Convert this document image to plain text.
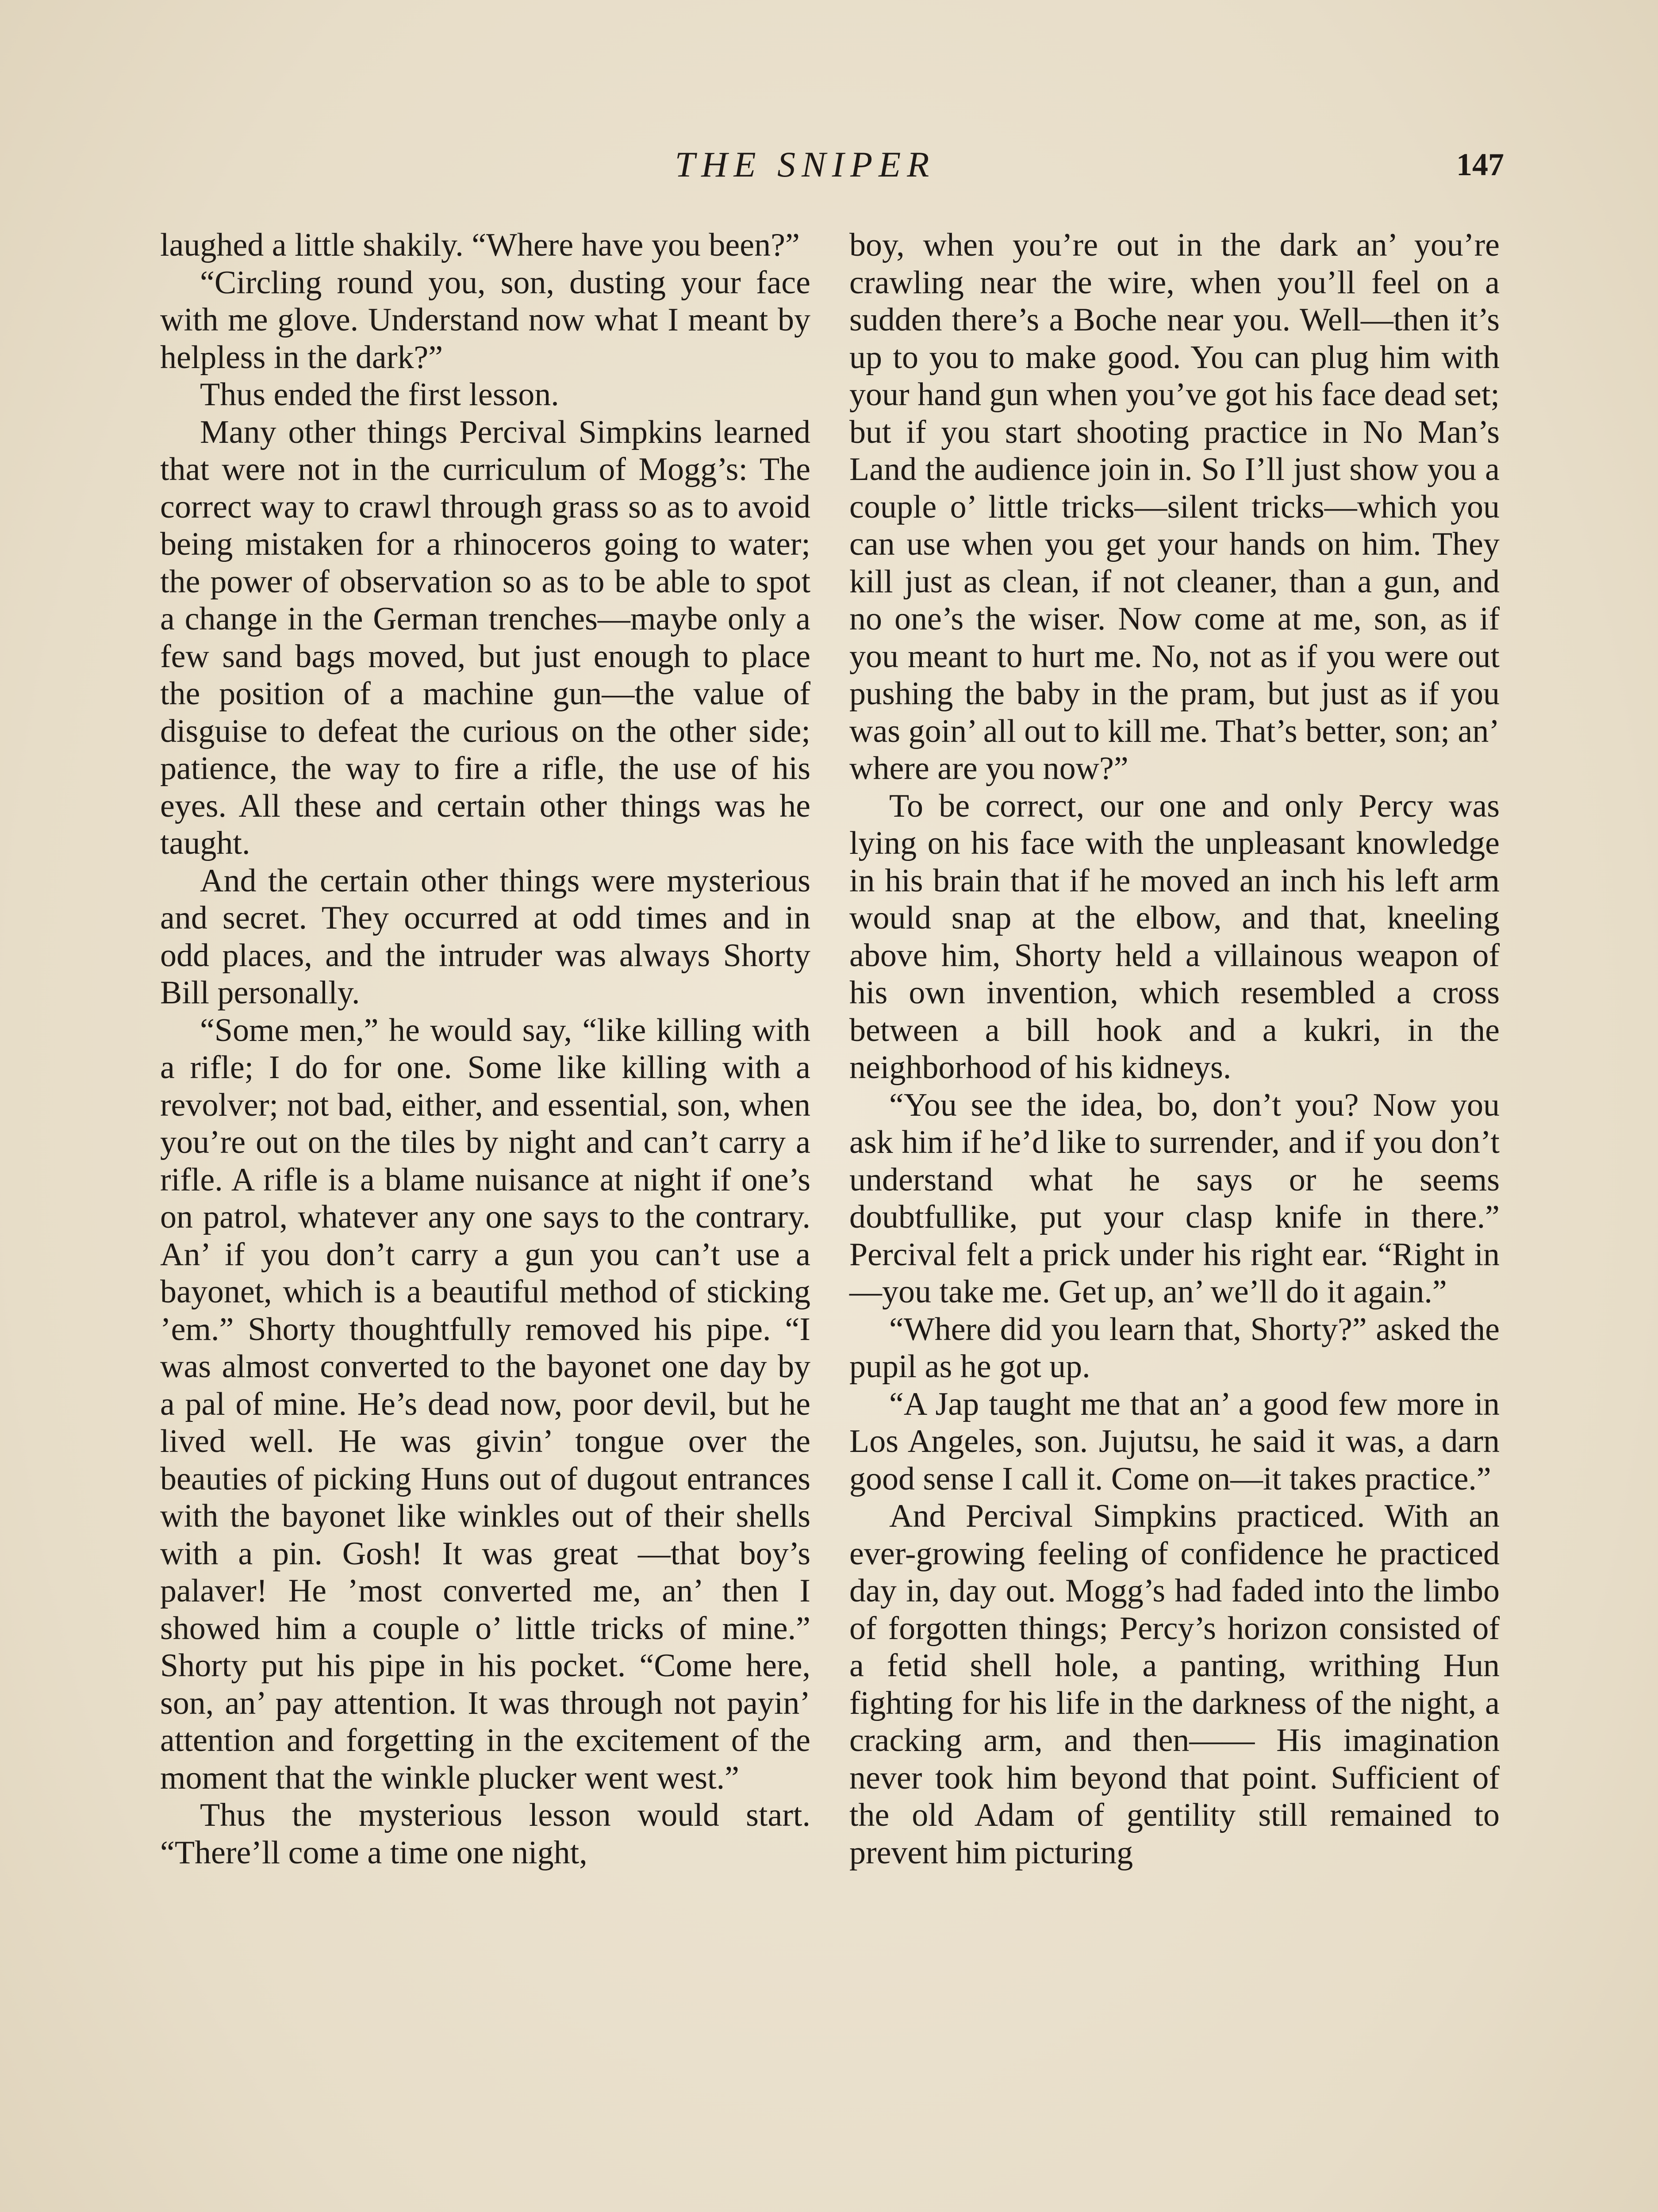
THE SNIPER	147

laughed a little shakily. “Where have you been?”

“Circling round you, son, dusting your face with me glove. Understand now what I meant by helpless in the dark?”

Thus ended the first lesson.

Many other things Percival Simpkins learned that were not in the curriculum of Mogg’s: The correct way to crawl through grass so as to avoid being mistaken for a rhinoceros going to water; the power of observation so as to be able to spot a change in the German trenches—maybe only a few sand bags moved, but just enough to place the position of a machine gun—the value of disguise to defeat the curious on the other side; patience, the way to fire a rifle, the use of his eyes. All these and certain other things was he taught.

And the certain other things were mysterious and secret. They occurred at odd times and in odd places, and the intruder was always Shorty Bill personally.

“Some men,” he would say, “like killing with a rifle; I do for one. Some like killing with a revolver; not bad, either, and essential, son, when you’re out on the tiles by night and can’t carry a rifle. A rifle is a blame nuisance at night if one’s on patrol, whatever any one says to the contrary. An’ if you don’t carry a gun you can’t use a bayonet, which is a beautiful method of sticking ’em.” Shorty thoughtfully removed his pipe. “I was almost converted to the bayonet one day by a pal of mine. He’s dead now, poor devil, but he lived well. He was givin’ tongue over the beauties of picking Huns out of dugout entrances with the bayonet like winkles out of their shells with a pin. Gosh! It was great —that boy’s palaver! He ’most converted me, an’ then I showed him a couple o’ little tricks of mine.” Shorty put his pipe in his pocket. “Come here, son, an’ pay attention. It was through not payin’ attention and forgetting in the excitement of the moment that the winkle plucker went west.”

Thus the mysterious lesson would start. “There’ll come a time one night,

boy, when you’re out in the dark an’ you’re crawling near the wire, when you’ll feel on a sudden there’s a Boche near you. Well—then it’s up to you to make good. You can plug him with your hand gun when you’ve got his face dead set; but if you start shooting practice in No Man’s Land the audience join in. So I’ll just show you a couple o’ little tricks—silent tricks—which you can use when you get your hands on him. They kill just as clean, if not cleaner, than a gun, and no one’s the wiser. Now come at me, son, as if you meant to hurt me. No, not as if you were out pushing the baby in the pram, but just as if you was goin’ all out to kill me. That’s better, son; an’ where are you now?”

To be correct, our one and only Percy was lying on his face with the unpleasant knowledge in his brain that if he moved an inch his left arm would snap at the elbow, and that, kneeling above him, Shorty held a villainous weapon of his own invention, which resembled a cross between a bill hook and a kukri, in the neighborhood of his kidneys.

“You see the idea, bo, don’t you? Now you ask him if he’d like to surrender, and if you don’t understand what he says or he seems doubtfullike, put your clasp knife in there.” Percival felt a prick under his right ear. “Right in—you take me. Get up, an’ we’ll do it again.”

“Where did you learn that, Shorty?” asked the pupil as he got up.

“A Jap taught me that an’ a good few more in Los Angeles, son. Jujutsu, he said it was, a darn good sense I call it. Come on—it takes practice.”

And Percival Simpkins practiced. With an ever-growing feeling of confidence he practiced day in, day out. Mogg’s had faded into the limbo of forgotten things; Percy’s horizon consisted of a fetid shell hole, a panting, writhing Hun fighting for his life in the darkness of the night, a cracking arm, and then—— His imagination never took him beyond that point. Sufficient of the old Adam of gentility still remained to prevent him picturing
